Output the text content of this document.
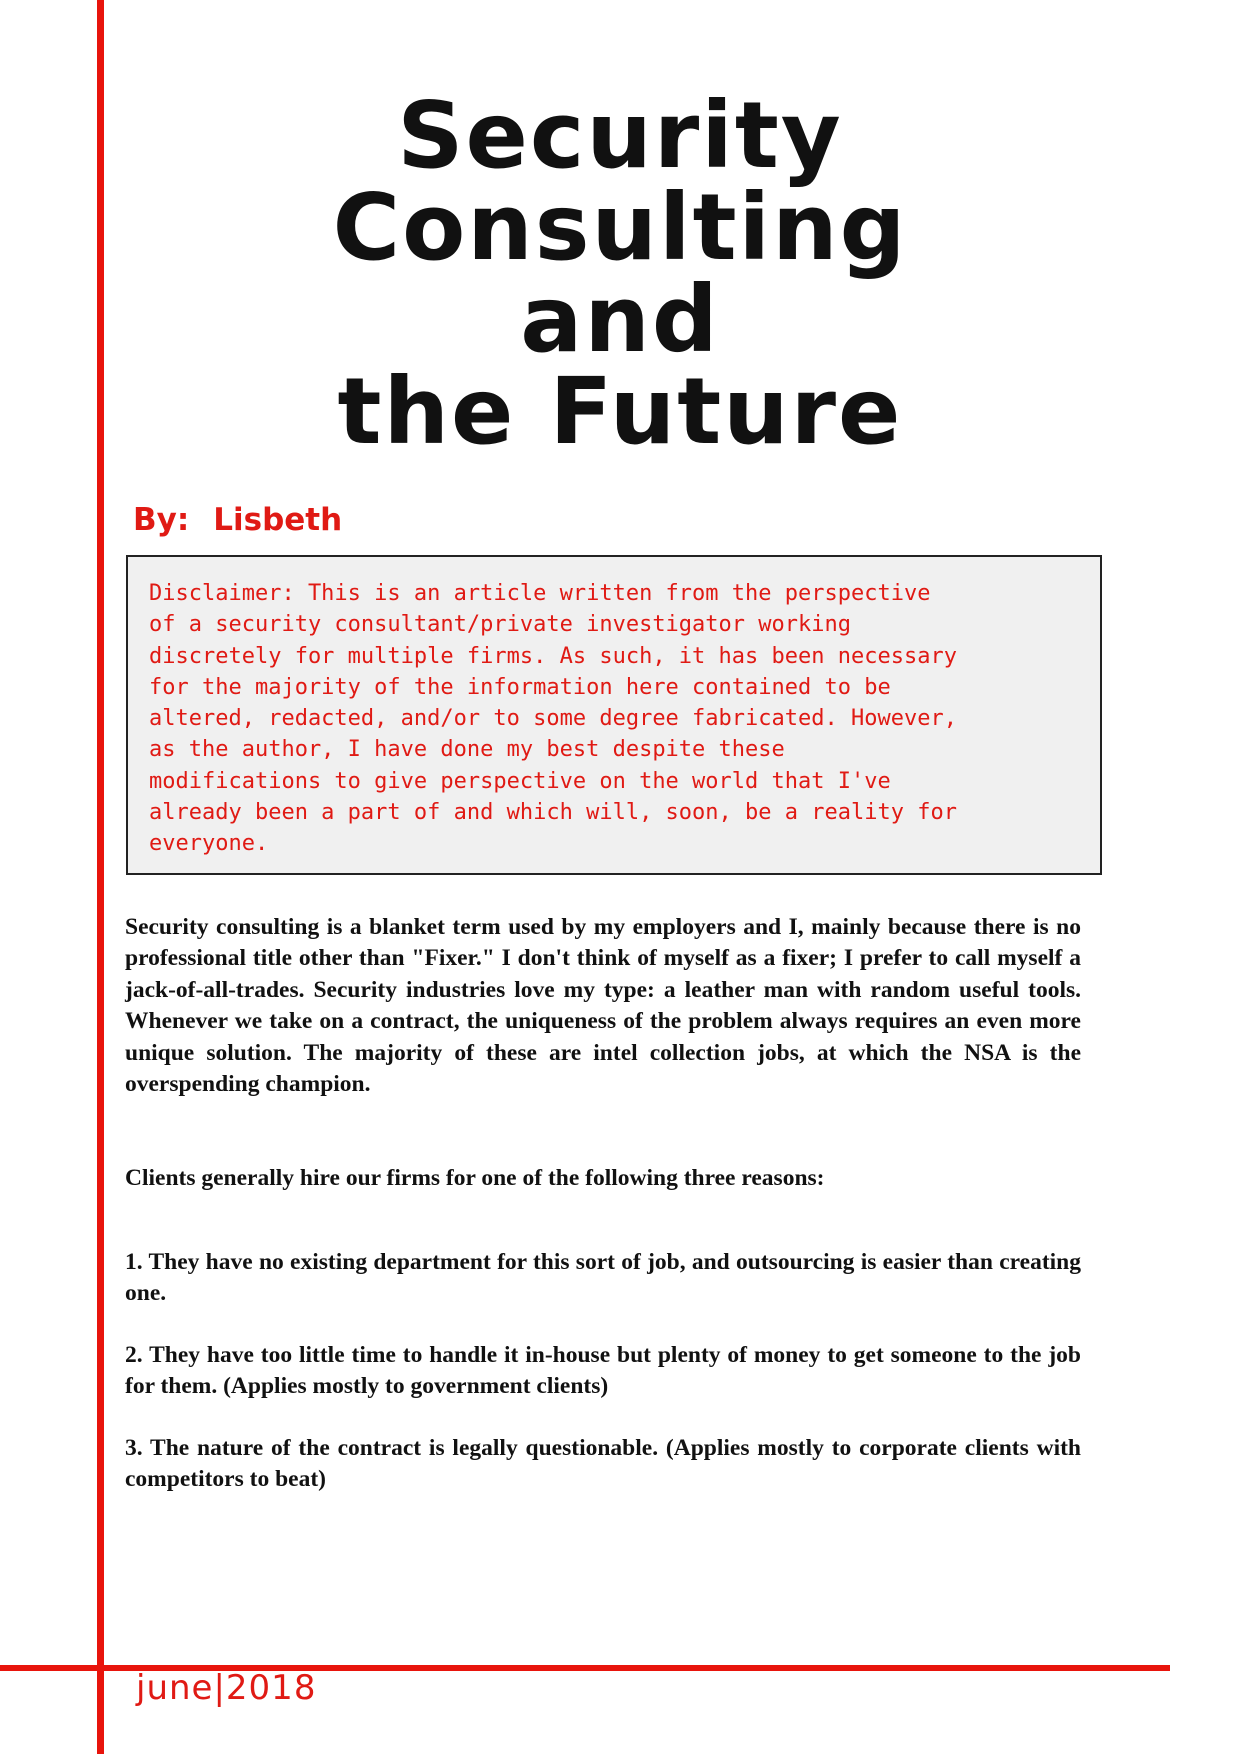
Security
Consulting
and
the Future
By: Lisbeth
Disclaimer: This is an article written from the perspective
of a security consultant/private investigator working
discretely for multiple firms. As such, it has been necessary
for the majority of the information here contained to be
altered, redacted, and/or to some degree fabricated. However,
as the author, I have done my best despite these
modifications to give perspective on the world that I've
already been a part of and which will, soon, be a reality for
everyone.

Security consulting is a blanket term used by my employers and I, mainly because there is no professional title other than "Fixer." I don't think of myself as a fixer; I prefer to call myself a jack-of-all-trades. Security industries love my type: a leather man with random useful tools. Whenever we take on a contract, the uniqueness of the problem always requires an even more unique solution. The majority of these are intel collection jobs, at which the NSA is the overspending champion.

Clients generally hire our firms for one of the following three reasons:

1. They have no existing department for this sort of job, and outsourcing is easier than creating one.

2. They have too little time to handle it in-house but plenty of money to get someone to the job for them. (Applies mostly to government clients)

3. The nature of the contract is legally questionable. (Applies mostly to corporate clients with competitors to beat)

june|2018
